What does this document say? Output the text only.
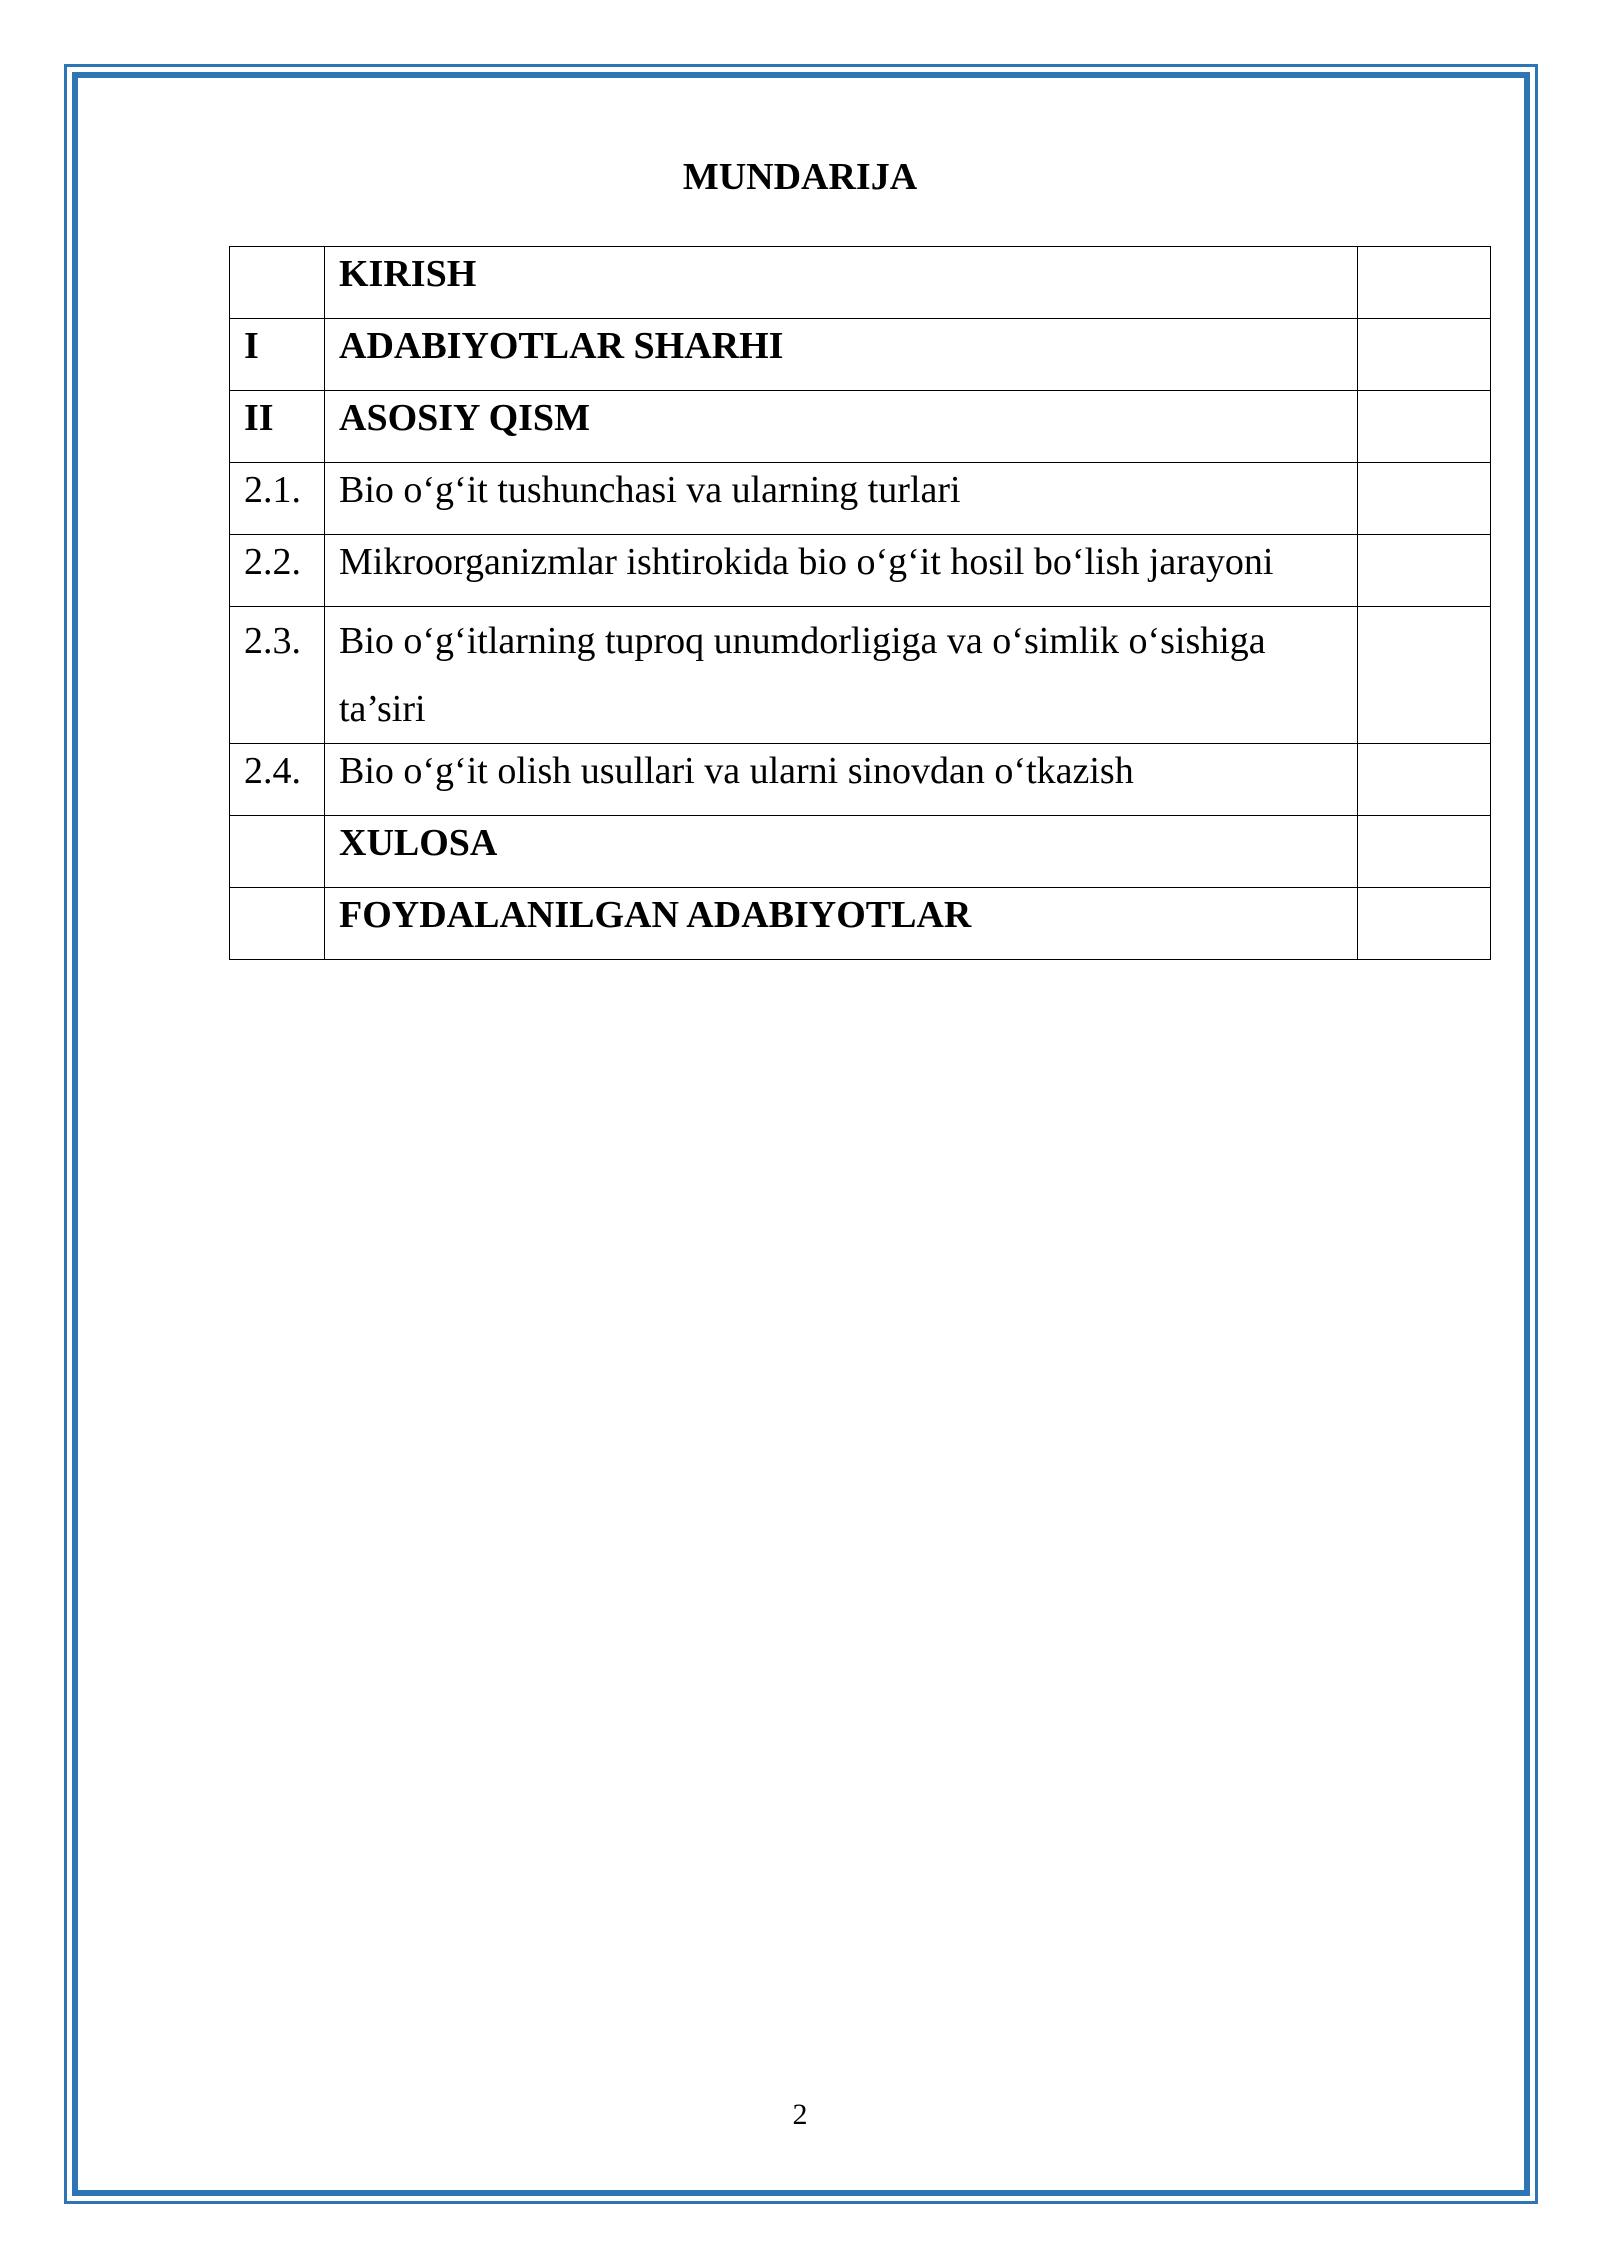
MUNDARIJA
	KIRISH	
I	ADABIYOTLAR SHARHI	
II	ASOSIY QISM	
2.1.	Bio o‘g‘it tushunchasi va ularning turlari	
2.2.	Mikroorganizmlar ishtirokida bio o‘g‘it hosil bo‘lish jarayoni	
2.3.	Bio o‘g‘itlarning tuproq unumdorligiga va o‘simlik o‘sishiga ta’siri	
2.4.	Bio o‘g‘it olish usullari va ularni sinovdan o‘tkazish	
	XULOSA	
	FOYDALANILGAN ADABIYOTLAR	
2
